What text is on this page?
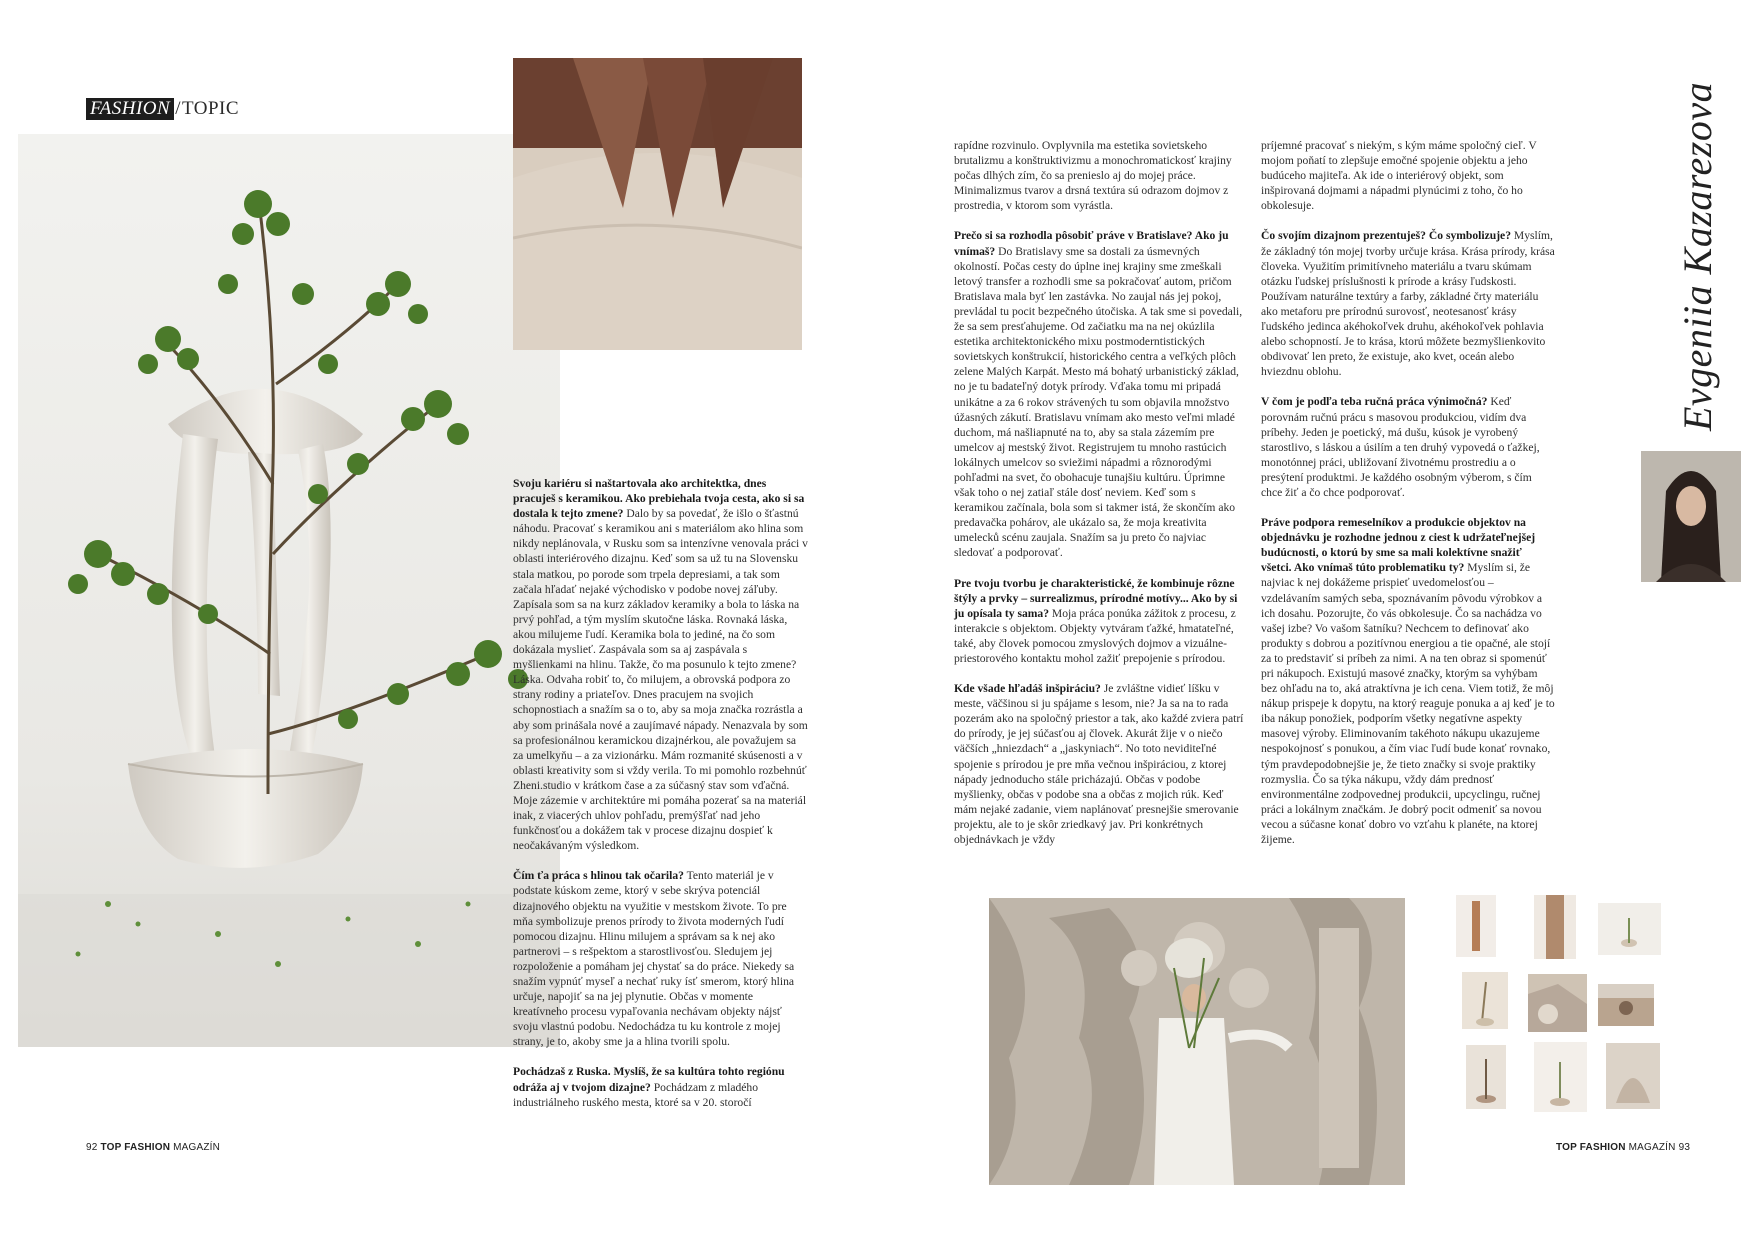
FASHION / TOPIC

Svoju kariéru si naštartovala ako architektka, dnes pracuješ s keramikou. Ako prebiehala tvoja cesta, ako si sa dostala k tejto zmene? Dalo by sa povedať, že išlo o šťastnú náhodu. Pracovať s keramikou ani s materiálom ako hlina som nikdy neplánovala, v Rusku som sa intenzívne venovala práci v oblasti interiérového dizajnu. Keď som sa už tu na Slovensku stala matkou, po porode som trpela depresiami, a tak som začala hľadať nejaké východisko v podobe novej záľuby. Zapísala som sa na kurz základov keramiky a bola to láska na prvý pohľad, a tým myslím skutočne láska. Rovnaká láska, akou milujeme ľudí. Keramika bola to jediné, na čo som dokázala myslieť. Zaspávala som sa aj zaspávala s myšlienkami na hlinu. Takže, čo ma posunulo k tejto zmene? Láska. Odvaha robiť to, čo milujem, a obrovská podpora zo strany rodiny a priateľov. Dnes pracujem na svojich schopnostiach a snažím sa o to, aby sa moja značka rozrástla a aby som prinášala nové a zaujímavé nápady. Nenazvala by som sa profesionálnou keramickou dizajnérkou, ale považujem sa za umelkyňu – a za vizionárku. Mám rozmanité skúsenosti a v oblasti kreativity som si vždy verila. To mi pomohlo rozbehnúť Zheni.studio v krátkom čase a za súčasný stav som vďačná. Moje zázemie v architektúre mi pomáha pozerať sa na materiál inak, z viacerých uhlov pohľadu, premýšľať nad jeho funkčnosťou a dokážem tak v procese dizajnu dospieť k neočakávaným výsledkom.

Čím ťa práca s hlinou tak očarila? Tento materiál je v podstate kúskom zeme, ktorý v sebe skrýva potenciál dizajnového objektu na využitie v mestskom živote. To pre mňa symbolizuje prenos prírody to života moderných ľudí pomocou dizajnu. Hlinu milujem a správam sa k nej ako partnerovi – s rešpektom a starostlivosťou. Sledujem jej rozpoloženie a pomáham jej chystať sa do práce. Niekedy sa snažím vypnúť myseľ a nechať ruky ísť smerom, ktorý hlina určuje, napojiť sa na jej plynutie. Občas v momente kreatívneho procesu vypaľovania nechávam objekty nájsť svoju vlastnú podobu. Nedochádza tu ku kontrole z mojej strany, je to, akoby sme ja a hlina tvorili spolu.

Pochádzaš z Ruska. Myslíš, že sa kultúra tohto regiónu odráža aj v tvojom dizajne? Pochádzam z mladého industriálneho ruského mesta, ktoré sa v 20. storočí

rapídne rozvinulo. Ovplyvnila ma estetika sovietskeho brutalizmu a konštruktivizmu a monochromatickosť krajiny počas dlhých zím, čo sa prenieslo aj do mojej práce. Minimalizmus tvarov a drsná textúra sú odrazom dojmov z prostredia, v ktorom som vyrástla.

Prečo si sa rozhodla pôsobiť práve v Bratislave? Ako ju vnímaš? Do Bratislavy sme sa dostali za úsmevných okolností. Počas cesty do úplne inej krajiny sme zmeškali letový transfer a rozhodli sme sa pokračovať autom, pričom Bratislava mala byť len zastávka. No zaujal nás jej pokoj, prevládal tu pocit bezpečného útočiska. A tak sme si povedali, že sa sem presťahujeme. Od začiatku ma na nej okúzlila estetika architektonického mixu postmoderntistických sovietskych konštrukcií, historického centra a veľkých plôch zelene Malých Karpát. Mesto má bohatý urbanistický základ, no je tu badateľný dotyk prírody. Vďaka tomu mi pripadá unikátne a za 6 rokov strávených tu som objavila množstvo úžasných zákutí. Bratislavu vnímam ako mesto veľmi mladé duchom, má našliapnuté na to, aby sa stala zázemím pre umelcov aj mestský život. Registrujem tu mnoho rastúcich lokálnych umelcov so sviežimi nápadmi a rôznorodými pohľadmi na svet, čo obohacuje tunajšiu kultúru. Úprimne však toho o nej zatiaľ stále dosť neviem. Keď som s keramikou začínala, bola som si takmer istá, že skončím ako predavačka pohárov, ale ukázalo sa, že moja kreativita umelecků scénu zaujala. Snažím sa ju preto čo najviac sledovať a podporovať.

Pre tvoju tvorbu je charakteristické, že kombinuje rôzne štýly a prvky – surrealizmus, prírodné motívy... Ako by si ju opísala ty sama? Moja práca ponúka zážitok z procesu, z interakcie s objektom. Objekty vytváram ťažké, hmatateľné, také, aby človek pomocou zmyslových dojmov a vizuálne-priestorového kontaktu mohol zažiť prepojenie s prírodou.

Kde všade hľadáš inšpiráciu? Je zvláštne vidieť líšku v meste, väčšinou si ju spájame s lesom, nie? Ja sa na to rada pozerám ako na spoločný priestor a tak, ako každé zviera patrí do prírody, je jej súčasťou aj človek. Akurát žije v o niečo väčších „hniezdach“ a „jaskyniach“. No toto neviditeľné spojenie s prírodou je pre mňa večnou inšpiráciou, z ktorej nápady jednoducho stále pricházajú. Občas v podobe myšlienky, občas v podobe sna a občas z mojich rúk. Keď mám nejaké zadanie, viem naplánovať presnejšie smerovanie projektu, ale to je skôr zriedkavý jav. Pri konkrétnych objednávkach je vždy

príjemné pracovať s niekým, s kým máme spoločný cieľ. V mojom poňatí to zlepšuje emočné spojenie objektu a jeho budúceho majiteľa. Ak ide o interiérový objekt, som inšpirovaná dojmami a nápadmi plynúcimi z toho, čo ho obkolesuje.

Čo svojím dizajnom prezentuješ? Čo symbolizuje? Myslím, že základný tón mojej tvorby určuje krása. Krása prírody, krása človeka. Využitím primitívneho materiálu a tvaru skúmam otázku ľudskej príslušnosti k prírode a krásy ľudskosti. Používam naturálne textúry a farby, základné črty materiálu ako metaforu pre prírodnú surovosť, neotesanosť krásy ľudského jedinca akéhokoľvek druhu, akéhokoľvek pohlavia alebo schopností. Je to krása, ktorú môžete bezmyšlienkovito obdivovať len preto, že existuje, ako kvet, oceán alebo hviezdnu oblohu.

V čom je podľa teba ručná práca výnimočná? Keď porovnám ručnú prácu s masovou produkciou, vidím dva príbehy. Jeden je poetický, má dušu, kúsok je vyrobený starostlivo, s láskou a úsilím a ten druhý vypovedá o ťažkej, monotónnej práci, ubližovaní životnému prostrediu a o presýtení produktmi. Je každého osobným výberom, s čím chce žiť a čo chce podporovať.

Práve podpora remeselníkov a produkcie objektov na objednávku je rozhodne jednou z ciest k udržateľnejšej budúcnosti, o ktorú by sme sa mali kolektívne snažiť všetci. Ako vnímaš túto problematiku ty? Myslím si, že najviac k nej dokážeme prispieť uvedomelosťou – vzdelávaním samých seba, spoznávaním pôvodu výrobkov a ich dosahu. Pozorujte, čo vás obkolesuje. Čo sa nachádza vo vašej izbe? Vo vašom šatníku? Nechcem to definovať ako produkty s dobrou a pozitívnou energiou a tie opačné, ale stojí za to predstaviť si príbeh za nimi. A na ten obraz si spomenúť pri nákupoch. Existujú masové značky, ktorým sa vyhýbam bez ohľadu na to, aká atraktívna je ich cena. Viem totiž, že môj nákup prispeje k dopytu, na ktorý reaguje ponuka a aj keď je to iba nákup ponožiek, podporím všetky negatívne aspekty masovej výroby. Eliminovaním takéhoto nákupu ukazujeme nespokojnosť s ponukou, a čím viac ľudí bude konať rovnako, tým pravdepodobnejšie je, že tieto značky si svoje praktiky rozmyslia. Čo sa týka nákupu, vždy dám prednosť environmentálne zodpovednej produkcii, upcyclingu, ručnej práci a lokálnym značkám. Je dobrý pocit odmeniť sa novou vecou a súčasne konať dobro vo vzťahu k planéte, na ktorej žijeme.

Evgeniia Kazarezova
92 TOP FASHION MAGAZÍN	TOP FASHION MAGAZÍN 93
